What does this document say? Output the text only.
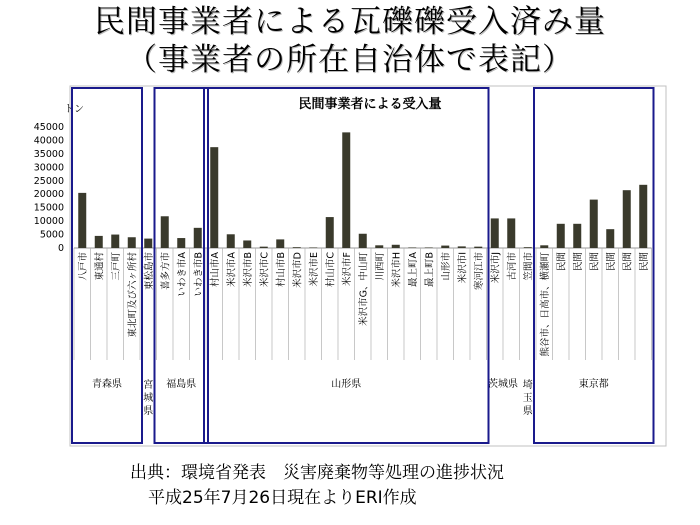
民間事業者による瓦礫礫受入済み量
（事業者の所在自治体で表記）
民間事業者による受入量
トン
0
5000
10000
15000
20000
25000
30000
35000
40000
45000
八戸市 東通村 三戸町 東北町及び六ヶ所村 東松島市 喜多方市 いわき市A いわき市B 村山市A 米沢市A 米沢市B 米沢市C 村山市B 米沢市D 米沢市E 村山市C 米沢市F 米沢市G、中山町 川西町 米沢市H 最上町A 最上町B 山形市 米沢市I 寒河江市 米沢市J 古河市 笠間市 熊谷市、日高市、横瀬町 民間 民間 民間 民間 民間 民間
青森県 宮城県
福島県	山形県	茨城県 埼玉県
東京都
出典：環境省発表　災害廃棄物等処理の進捗状況
平成25年7月26日現在よりERI作成
